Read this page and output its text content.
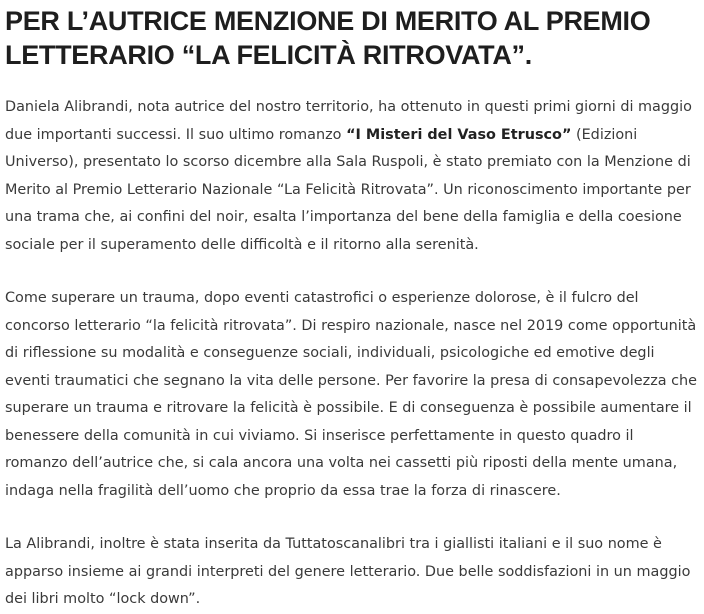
PER L’AUTRICE MENZIONE DI MERITO AL PREMIO LETTERARIO “LA FELICITÀ RITROVATA”.

Daniela Alibrandi, nota autrice del nostro territorio, ha ottenuto in questi primi giorni di maggio due importanti successi. Il suo ultimo romanzo “I Misteri del Vaso Etrusco” (Edizioni Universo), presentato lo scorso dicembre alla Sala Ruspoli, è stato premiato con la Menzione di Merito al Premio Letterario Nazionale “La Felicità Ritrovata”. Un riconoscimento importante per una trama che, ai confini del noir, esalta l’importanza del bene della famiglia e della coesione sociale per il superamento delle difficoltà e il ritorno alla serenità.

Come superare un trauma, dopo eventi catastrofici o esperienze dolorose, è il fulcro del concorso letterario “la felicità ritrovata”. Di respiro nazionale, nasce nel 2019 come opportunità di riflessione su modalità e conseguenze sociali, individuali, psicologiche ed emotive degli eventi traumatici che segnano la vita delle persone. Per favorire la presa di consapevolezza che superare un trauma e ritrovare la felicità è possibile. E di conseguenza è possibile aumentare il benessere della comunità in cui viviamo. Si inserisce perfettamente in questo quadro il romanzo dell’autrice che, si cala ancora una volta nei cassetti più riposti della mente umana, indaga nella fragilità dell’uomo che proprio da essa trae la forza di rinascere.

La Alibrandi, inoltre è stata inserita da Tuttatoscanalibri tra i giallisti italiani e il suo nome è apparso insieme ai grandi interpreti del genere letterario. Due belle soddisfazioni in un maggio dei libri molto “lock down”.
